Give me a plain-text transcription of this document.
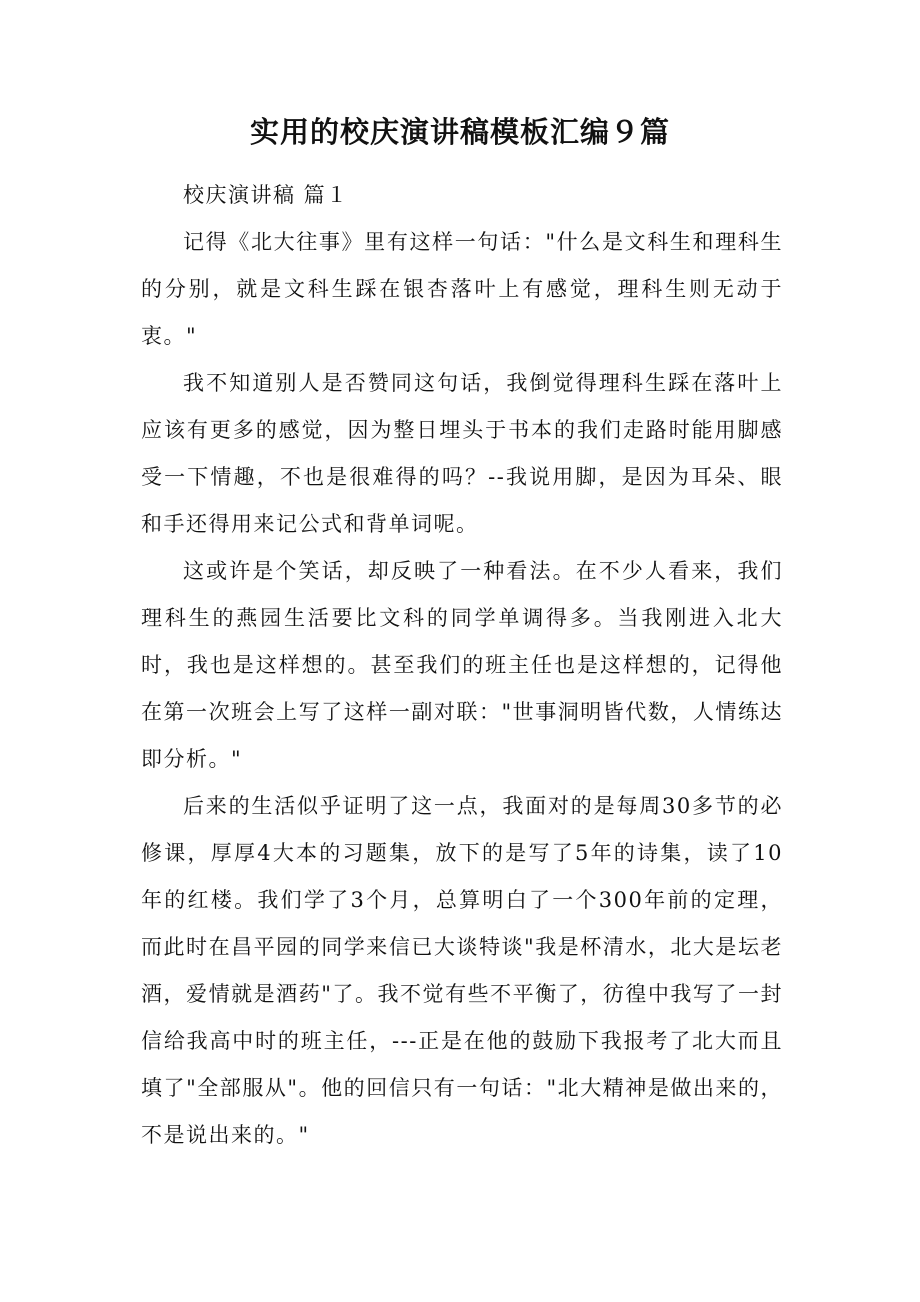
实用的校庆演讲稿模板汇编９篇
校庆演讲稿 篇１

记得《北大往事》里有这样一句话："什么是文科生和理科生的分别，就是文科生踩在银杏落叶上有感觉，理科生则无动于衷。"

我不知道别人是否赞同这句话，我倒觉得理科生踩在落叶上应该有更多的感觉，因为整日埋头于书本的我们走路时能用脚感受一下情趣，不也是很难得的吗？--我说用脚，是因为耳朵、眼和手还得用来记公式和背单词呢。

这或许是个笑话，却反映了一种看法。在不少人看来，我们理科生的燕园生活要比文科的同学单调得多。当我刚进入北大时，我也是这样想的。甚至我们的班主任也是这样想的，记得他在第一次班会上写了这样一副对联："世事洞明皆代数，人情练达即分析。"

后来的生活似乎证明了这一点，我面对的是每周30多节的必修课，厚厚4大本的习题集，放下的是写了5年的诗集，读了10年的红楼。我们学了3个月，总算明白了一个300年前的定理，而此时在昌平园的同学来信已大谈特谈"我是杯清水，北大是坛老酒，爱情就是酒药"了。我不觉有些不平衡了，彷徨中我写了一封信给我高中时的班主任，---正是在他的鼓励下我报考了北大而且填了"全部服从"。他的回信只有一句话："北大精神是做出来的，不是说出来的。"
